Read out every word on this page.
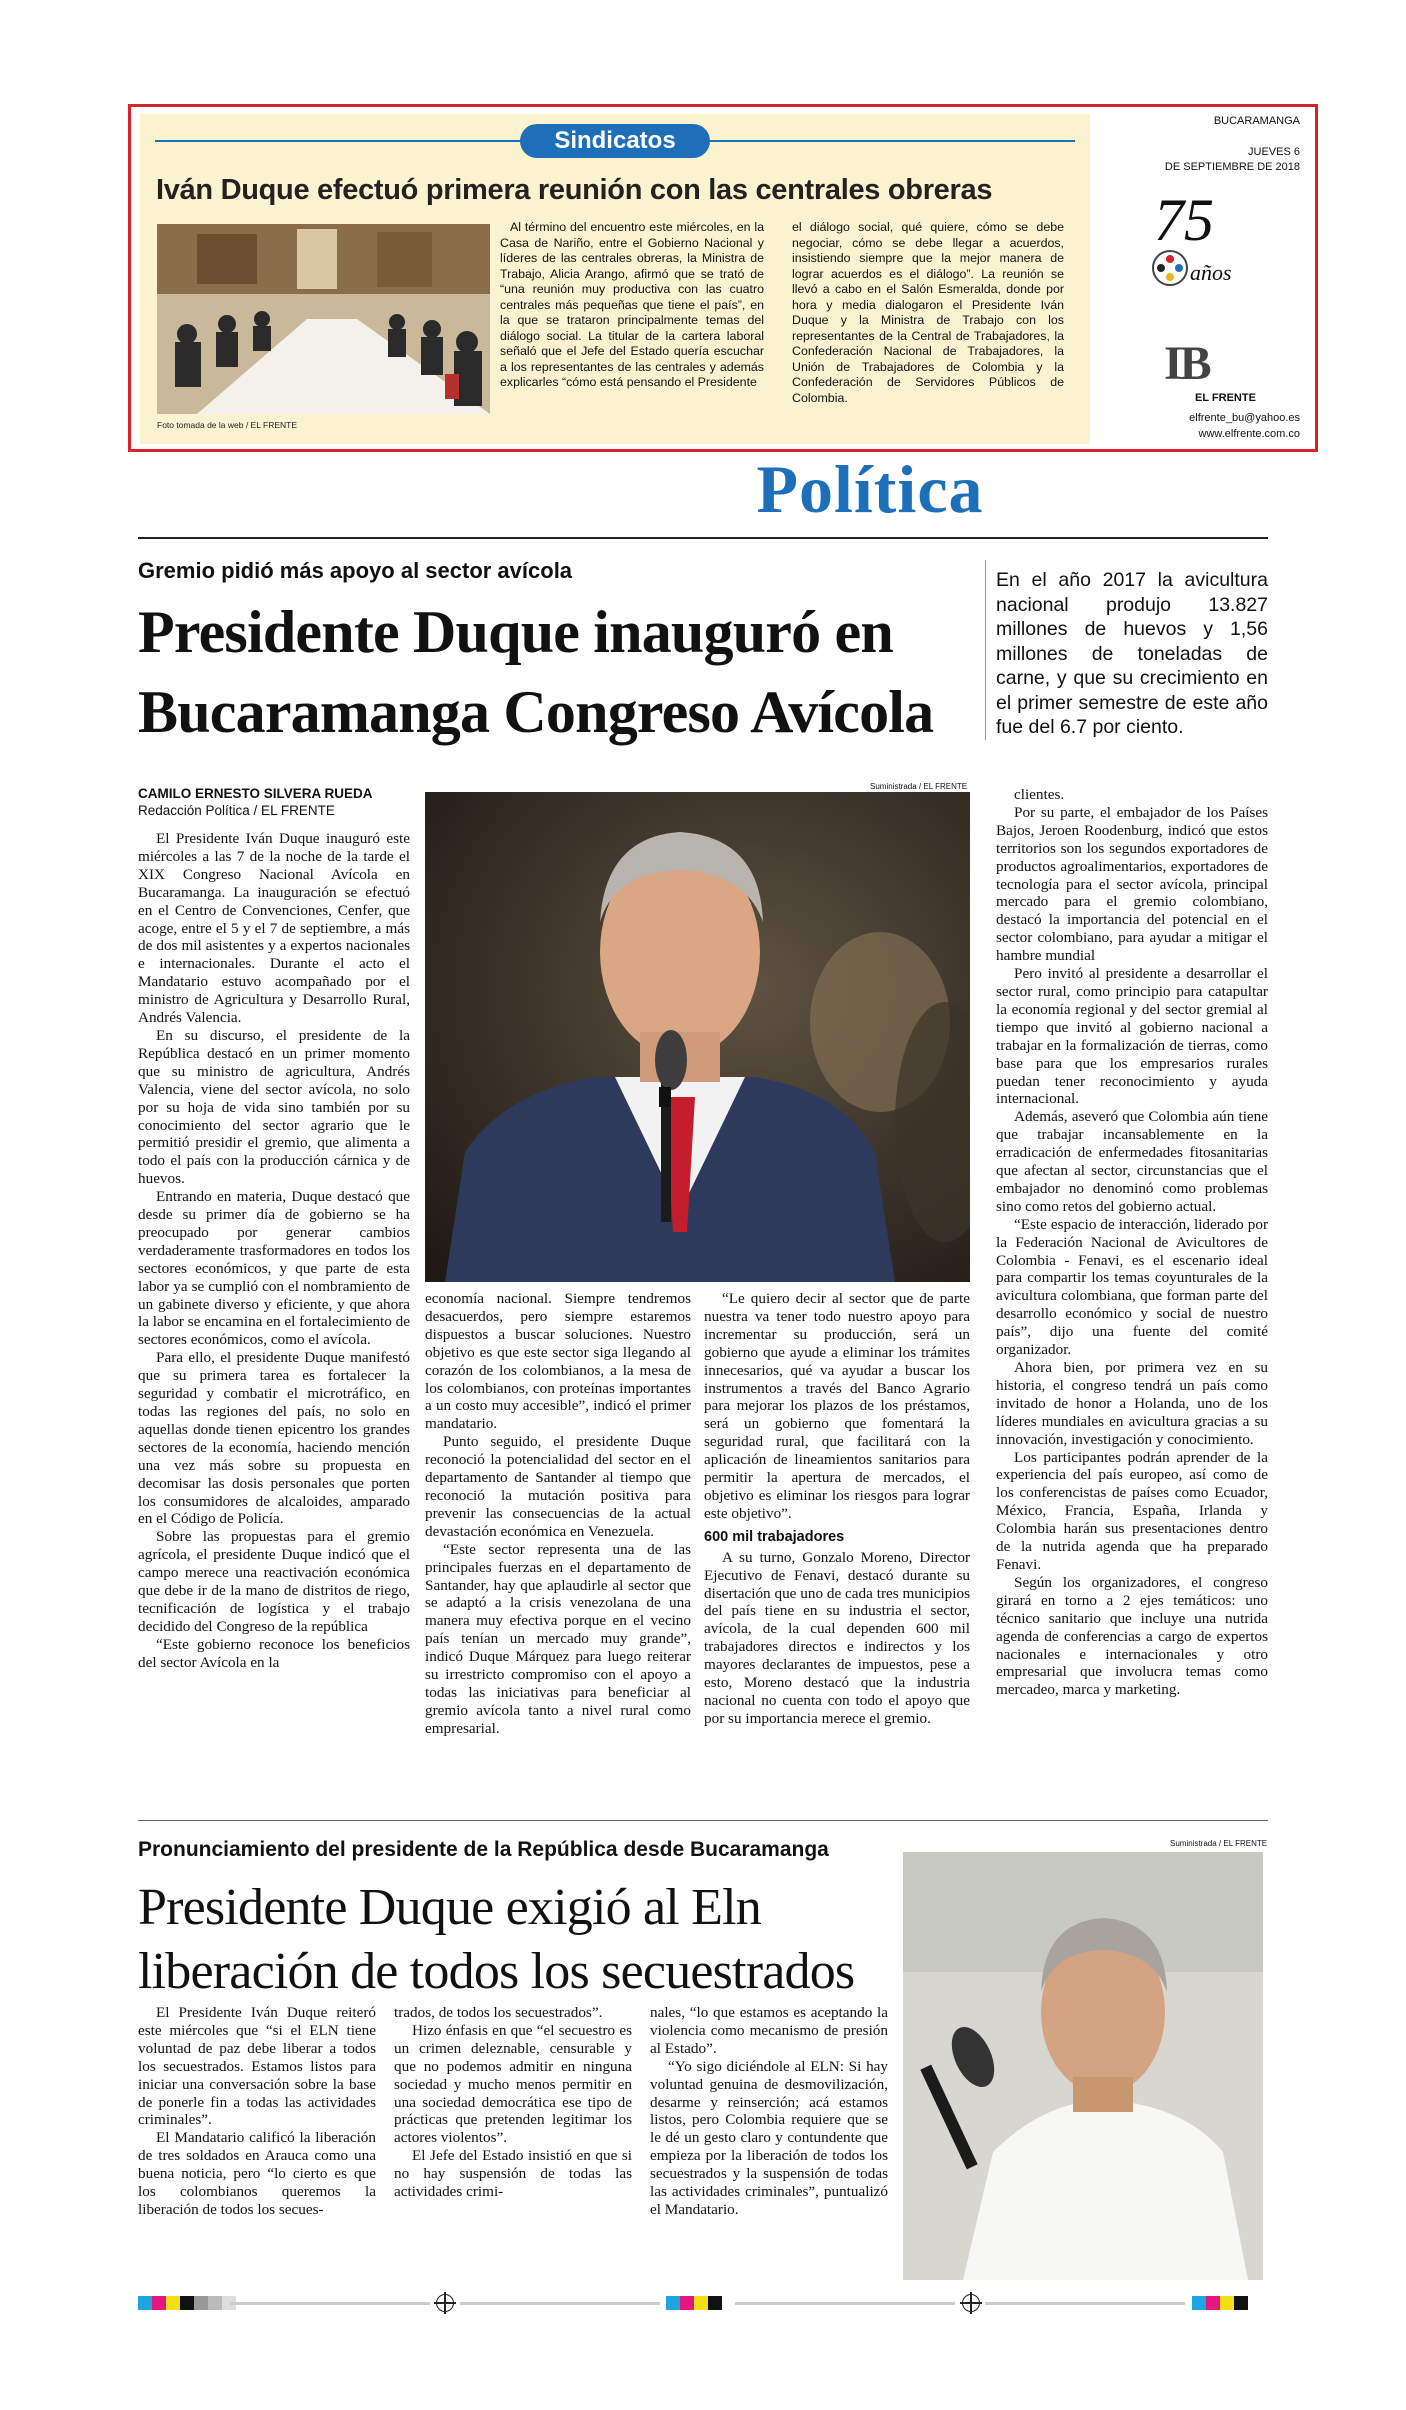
Sindicatos
Iván Duque efectuó primera reunión con las centrales obreras
Foto tomada de la web / EL FRENTE

Al término del encuentro este miércoles, en la Casa de Nariño, entre el Gobierno Nacional y líderes de las centrales obreras, la Ministra de Trabajo, Alicia Arango, afirmó que se trató de “una reunión muy productiva con las cuatro centrales más pequeñas que tiene el país”, en la que se trataron principalmente temas del diálogo social. La titular de la cartera laboral señaló que el Jefe del Estado quería escuchar a los representantes de las centrales y además explicarles “cómo está pensando el Presidente

el diálogo social, qué quiere, cómo se debe negociar, cómo se debe llegar a acuerdos, insistiendo siempre que la mejor manera de lograr acuerdos es el diálogo”. La reunión se llevó a cabo en el Salón Esmeralda, donde por hora y media dialogaron el Presidente Iván Duque y la Ministra de Trabajo con los representantes de la Central de Trabajadores, la Confederación Nacional de Trabajadores, la Unión de Trabajadores de Colombia y la Confederación de Servidores Públicos de Colombia.

BUCARAMANGA
JUEVES 6
DE SEPTIEMBRE DE 2018
75
años
IB
EL FRENTE
elfrente_bu@yahoo.es
www.elfrente.com.co
Política
Gremio pidió más apoyo al sector avícola
Presidente Duque inauguró en Bucaramanga Congreso Avícola
En el año 2017 la avicultura nacional produjo 13.827 millones de huevos y 1,56 millones de toneladas de carne, y que su crecimiento en el primer semestre de este año fue del 6.7 por ciento.
CAMILO ERNESTO SILVERA RUEDA
Redacción Política / EL FRENTE
Suministrada / EL FRENTE

El Presidente Iván Duque inauguró este miércoles a las 7 de la noche de la tarde el XIX Congreso Nacional Avícola en Bucaramanga. La inauguración se efectuó en el Centro de Convenciones, Cenfer, que acoge, entre el 5 y el 7 de septiembre, a más de dos mil asistentes y a expertos nacionales e internacionales. Durante el acto el Mandatario estuvo acompañado por el ministro de Agricultura y Desarrollo Rural, Andrés Valencia.

En su discurso, el presidente de la República destacó en un primer momento que su ministro de agricultura, Andrés Valencia, viene del sector avícola, no solo por su hoja de vida sino también por su conocimiento del sector agrario que le permitió presidir el gremio, que alimenta a todo el país con la producción cárnica y de huevos.

Entrando en materia, Duque destacó que desde su primer día de gobierno se ha preocupado por generar cambios verdaderamente trasformadores en todos los sectores económicos, y que parte de esta labor ya se cumplió con el nombramiento de un gabinete diverso y eficiente, y que ahora la labor se encamina en el fortalecimiento de sectores económicos, como el avícola.

Para ello, el presidente Duque manifestó que su primera tarea es fortalecer la seguridad y combatir el microtráfico, en todas las regiones del país, no solo en aquellas donde tienen epicentro los grandes sectores de la economía, haciendo mención una vez más sobre su propuesta en decomisar las dosis personales que porten los consumidores de alcaloides, amparado en el Código de Policía.

Sobre las propuestas para el gremio agrícola, el presidente Duque indicó que el campo merece una reactivación económica que debe ir de la mano de distritos de riego, tecnificación de logística y el trabajo decidido del Congreso de la república

“Este gobierno reconoce los beneficios del sector Avícola en la

economía nacional. Siempre tendremos desacuerdos, pero siempre estaremos dispuestos a buscar soluciones. Nuestro objetivo es que este sector siga llegando al corazón de los colombianos, a la mesa de los colombianos, con proteínas importantes a un costo muy accesible”, indicó el primer mandatario.

Punto seguido, el presidente Duque reconoció la potencialidad del sector en el departamento de Santander al tiempo que reconoció la mutación positiva para prevenir las consecuencias de la actual devastación económica en Venezuela.

“Este sector representa una de las principales fuerzas en el departamento de Santander, hay que aplaudirle al sector que se adaptó a la crisis venezolana de una manera muy efectiva porque en el vecino país tenían un mercado muy grande”, indicó Duque Márquez para luego reiterar su irrestricto compromiso con el apoyo a todas las iniciativas para beneficiar al gremio avícola tanto a nivel rural como empresarial.

“Le quiero decir al sector que de parte nuestra va tener todo nuestro apoyo para incrementar su producción, será un gobierno que ayude a eliminar los trámites innecesarios, qué va ayudar a buscar los instrumentos a través del Banco Agrario para mejorar los plazos de los préstamos, será un gobierno que fomentará la seguridad rural, que facilitará con la aplicación de lineamientos sanitarios para permitir la apertura de mercados, el objetivo es eliminar los riesgos para lograr este objetivo”.

600 mil trabajadores

A su turno, Gonzalo Moreno, Director Ejecutivo de Fenavi, destacó durante su disertación que uno de cada tres municipios del país tiene en su industria el sector, avícola, de la cual dependen 600 mil trabajadores directos e indirectos y los mayores declarantes de impuestos, pese a esto, Moreno destacó que la industria nacional no cuenta con todo el apoyo que por su importancia merece el gremio.

clientes.

Por su parte, el embajador de los Países Bajos, Jeroen Roodenburg, indicó que estos territorios son los segundos exportadores de productos agroalimentarios, exportadores de tecnología para el sector avícola, principal mercado para el gremio colombiano, destacó la importancia del potencial en el sector colombiano, para ayudar a mitigar el hambre mundial

Pero invitó al presidente a desarrollar el sector rural, como principio para catapultar la economía regional y del sector gremial al tiempo que invitó al gobierno nacional a trabajar en la formalización de tierras, como base para que los empresarios rurales puedan tener reconocimiento y ayuda internacional.

Además, aseveró que Colombia aún tiene que trabajar incansablemente en la erradicación de enfermedades fitosanitarias que afectan al sector, circunstancias que el embajador no denominó como problemas sino como retos del gobierno actual.

“Este espacio de interacción, liderado por la Federación Nacional de Avicultores de Colombia - Fenavi, es el escenario ideal para compartir los temas coyunturales de la avicultura colombiana, que forman parte del desarrollo económico y social de nuestro país”, dijo una fuente del comité organizador.

Ahora bien, por primera vez en su historia, el congreso tendrá un país como invitado de honor a Holanda, uno de los líderes mundiales en avicultura gracias a su innovación, investigación y conocimiento.

Los participantes podrán aprender de la experiencia del país europeo, así como de los conferencistas de países como Ecuador, México, Francia, España, Irlanda y Colombia harán sus presentaciones dentro de la nutrida agenda que ha preparado Fenavi.

Según los organizadores, el congreso girará en torno a 2 ejes temáticos: uno técnico sanitario que incluye una nutrida agenda de conferencias a cargo de expertos nacionales e internacionales y otro empresarial que involucra temas como mercadeo, marca y marketing.

Pronunciamiento del presidente de la República desde Bucaramanga
Presidente Duque exigió al Eln liberación de todos los secuestrados
Suministrada / EL FRENTE

El Presidente Iván Duque reiteró este miércoles que “si el ELN tiene voluntad de paz debe liberar a todos los secuestrados. Estamos listos para iniciar una conversación sobre la base de ponerle fin a todas las actividades criminales”.

El Mandatario calificó la liberación de tres soldados en Arauca como una buena noticia, pero “lo cierto es que los colombianos queremos la liberación de todos los secues-

trados, de todos los secuestrados”.

Hizo énfasis en que “el secuestro es un crimen deleznable, censurable y que no podemos admitir en ninguna sociedad y mucho menos permitir en una sociedad democrática ese tipo de prácticas que pretenden legitimar los actores violentos”.

El Jefe del Estado insistió en que si no hay suspensión de todas las actividades crimi-

nales, “lo que estamos es aceptando la violencia como mecanismo de presión al Estado”.

“Yo sigo diciéndole al ELN: Si hay voluntad genuina de desmovilización, desarme y reinserción; acá estamos listos, pero Colombia requiere que se le dé un gesto claro y contundente que empieza por la liberación de todos los secuestrados y la suspensión de todas las actividades criminales”, puntualizó el Mandatario.
